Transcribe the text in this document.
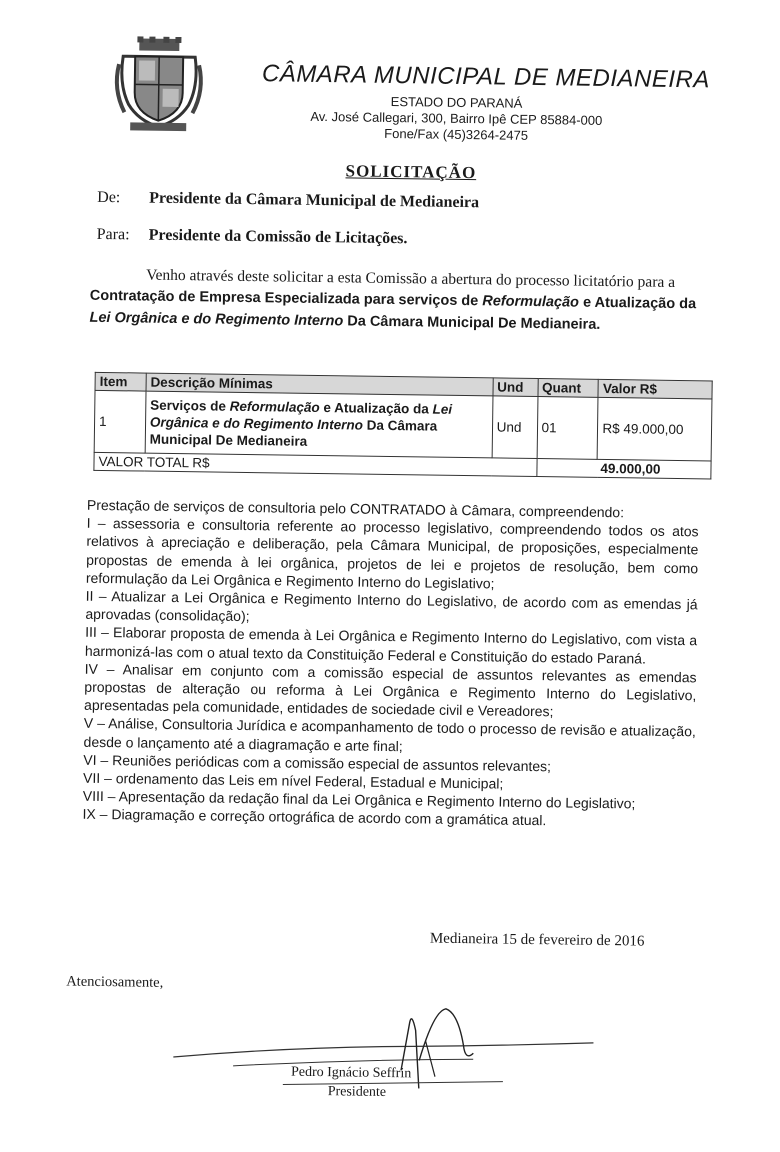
CÂMARA MUNICIPAL DE MEDIANEIRA
ESTADO DO PARANÁ
Av. José Callegari, 300, Bairro Ipê CEP 85884-000
Fone/Fax (45)3264-2475
SOLICITAÇÃO
De: Presidente da Câmara Municipal de Medianeira
Para: Presidente da Comissão de Licitações.
Venho através deste solicitar a esta Comissão a abertura do processo licitatório para a Contratação de Empresa Especializada para serviços de Reformulação e Atualização da Lei Orgânica e do Regimento Interno Da Câmara Municipal De Medianeira.
Item	Descrição Mínimas	Und	Quant	Valor R$
1	Serviços de Reformulação e Atualização da Lei Orgânica e do Regimento Interno Da Câmara Municipal De Medianeira	Und	01	R$ 49.000,00
VALOR TOTAL R$			49.000,00	

Prestação de serviços de consultoria pelo CONTRATADO à Câmara, compreendendo:

I – assessoria e consultoria referente ao processo legislativo, compreendendo todos os atos relativos à apreciação e deliberação, pela Câmara Municipal, de proposições, especialmente propostas de emenda à lei orgânica, projetos de lei e projetos de resolução, bem como reformulação da Lei Orgânica e Regimento Interno do Legislativo;

II – Atualizar a Lei Orgânica e Regimento Interno do Legislativo, de acordo com as emendas já aprovadas (consolidação);

III – Elaborar proposta de emenda à Lei Orgânica e Regimento Interno do Legislativo, com vista a harmonizá-las com o atual texto da Constituição Federal e Constituição do estado Paraná.

IV – Analisar em conjunto com a comissão especial de assuntos relevantes as emendas propostas de alteração ou reforma à Lei Orgânica e Regimento Interno do Legislativo, apresentadas pela comunidade, entidades de sociedade civil e Vereadores;

V – Análise, Consultoria Jurídica e acompanhamento de todo o processo de revisão e atualização, desde o lançamento até a diagramação e arte final;

VI – Reuniões periódicas com a comissão especial de assuntos relevantes;

VII – ordenamento das Leis em nível Federal, Estadual e Municipal;

VIII – Apresentação da redação final da Lei Orgânica e Regimento Interno do Legislativo;

IX – Diagramação e correção ortográfica de acordo com a gramática atual.

Medianeira 15 de fevereiro de 2016
Atenciosamente,
Pedro Ignácio Seffrin
Presidente
